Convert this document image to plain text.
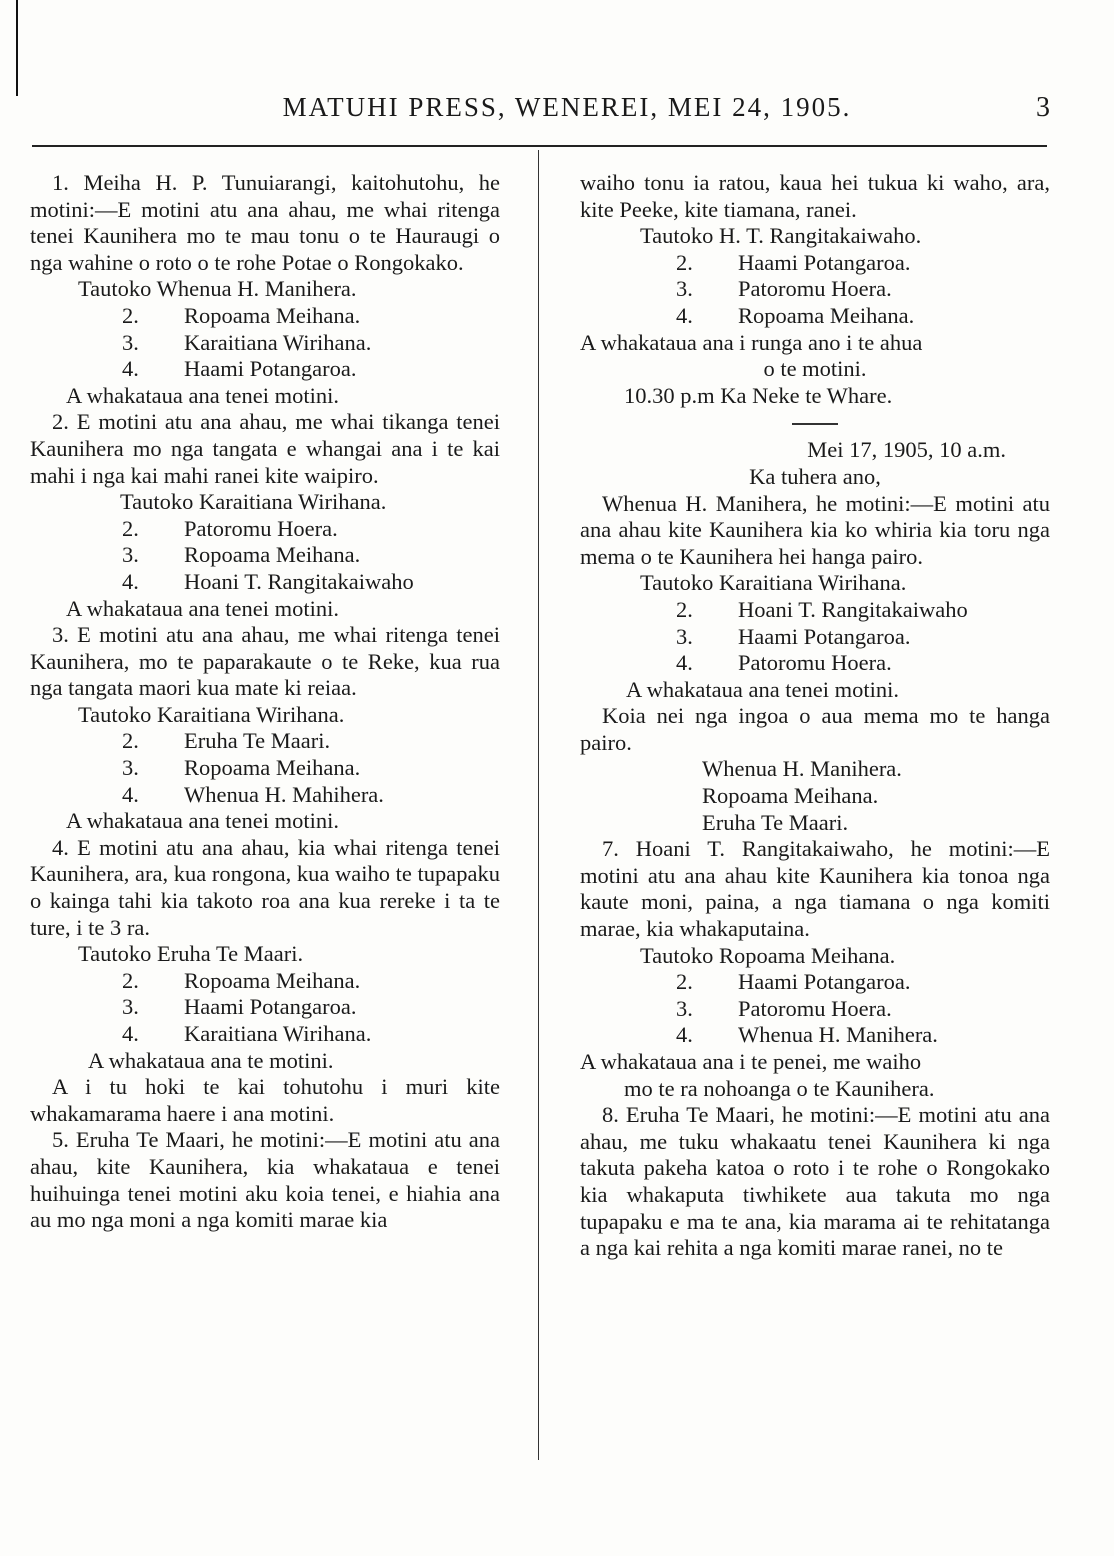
MATUHI PRESS, WENEREI, MEI 24, 1905.	3

1. Meiha H. P. Tunuiarangi, kaitohutohu, he motini:—E motini atu ana ahau, me whai ritenga tenei Kaunihera mo te mau tonu o te Hauraugi o nga wahine o roto o te rohe Potae o Rongokako.

Tautoko Whenua H. Manihera.
2.	Ropoama Meihana.
3.	Karaitiana Wirihana.
4.	Haami Potangaroa.
A whakataua ana tenei motini.

2. E motini atu ana ahau, me whai tikanga tenei Kaunihera mo nga tangata e whangai ana i te kai mahi i nga kai mahi ranei kite waipiro.

Tautoko Karaitiana Wirihana.
2.	Patoromu Hoera.
3.	Ropoama Meihana.
4.	Hoani T. Rangitakaiwaho
A whakataua ana tenei motini.

3. E motini atu ana ahau, me whai ritenga tenei Kaunihera, mo te paparakaute o te Reke, kua rua nga tangata maori kua mate ki reiaa.

Tautoko Karaitiana Wirihana.
2.	Eruha Te Maari.
3.	Ropoama Meihana.
4.	Whenua H. Mahihera.
A whakataua ana tenei motini.

4. E motini atu ana ahau, kia whai ritenga tenei Kaunihera, ara, kua rongona, kua waiho te tupapaku o kainga tahi kia takoto roa ana kua rereke i ta te ture, i te 3 ra.

Tautoko Eruha Te Maari.
2.	Ropoama Meihana.
3.	Haami Potangaroa.
4.	Karaitiana Wirihana.
A whakataua ana te motini.

A i tu hoki te kai tohutohu i muri kite whakamarama haere i ana motini.

5. Eruha Te Maari, he motini:—E motini atu ana ahau, kite Kaunihera, kia whakataua e tenei huihuinga tenei motini aku koia tenei, e hiahia ana au mo nga moni a nga komiti marae kia

waiho tonu ia ratou, kaua hei tukua ki waho, ara, kite Peeke, kite tiamana, ranei.

Tautoko H. T. Rangitakaiwaho.
2.	Haami Potangaroa.
3.	Patoromu Hoera.
4.	Ropoama Meihana.
A whakataua ana i runga ano i te ahua
o te motini.
10.30 p.m Ka Neke te Whare.
Mei 17, 1905, 10 a.m.
Ka tuhera ano,

Whenua H. Manihera, he motini:—E motini atu ana ahau kite Kaunihera kia ko whiria kia toru nga mema o te Kaunihera hei hanga pairo.

Tautoko Karaitiana Wirihana.
2.	Hoani T. Rangitakaiwaho
3.	Haami Potangaroa.
4.	Patoromu Hoera.
A whakataua ana tenei motini.

Koia nei nga ingoa o aua mema mo te hanga pairo.

Whenua H. Manihera.
Ropoama Meihana.
Eruha Te Maari.

7. Hoani T. Rangitakaiwaho, he motini:—E motini atu ana ahau kite Kaunihera kia tonoa nga kaute moni, paina, a nga tiamana o nga komiti marae, kia whakaputaina.

Tautoko Ropoama Meihana.
2.	Haami Potangaroa.
3.	Patoromu Hoera.
4.	Whenua H. Manihera.
A whakataua ana i te penei, me waiho
mo te ra nohoanga o te Kaunihera.

8. Eruha Te Maari, he motini:—E motini atu ana ahau, me tuku whakaatu tenei Kaunihera ki nga takuta pakeha katoa o roto i te rohe o Rongokako kia whakaputa tiwhikete aua takuta mo nga tupapaku e ma te ana, kia marama ai te rehitatanga a nga kai rehita a nga komiti marae ranei, no te
